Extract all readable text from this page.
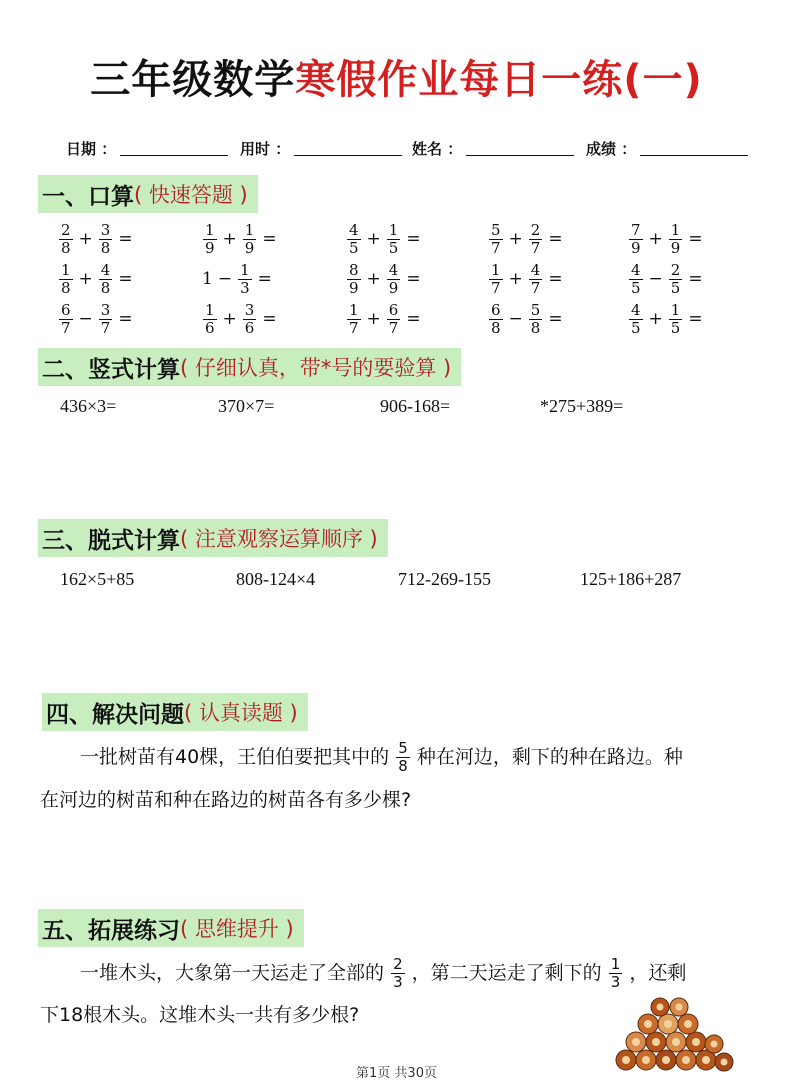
三年级数学寒假作业每日一练(一)
日期 ：	用时 ：	姓名 ：	成绩 ：
一、口算 ( 快速答题 )
$\frac{2}{8} + \frac{3}{8}$ =	$\frac{1}{9} + \frac{1}{9}$ =	$\frac{4}{5} + \frac{1}{5}$ =	$\frac{5}{7} + \frac{2}{7}$ =	$\frac{7}{9} + \frac{1}{9}$ =
$\frac{1}{8} + \frac{4}{8}$ =	$1 - \frac{1}{3}$ =	$\frac{8}{9} + \frac{4}{9}$ =	$\frac{1}{7} + \frac{4}{7}$ =	$\frac{4}{5} - \frac{2}{5}$ =
$\frac{6}{7} - \frac{3}{7}$ =	$\frac{1}{6} + \frac{3}{6}$ =	$\frac{1}{7} + \frac{6}{7}$ =	$\frac{6}{8} - \frac{5}{8}$ =	$\frac{4}{5} + \frac{1}{5}$ =
二、竖式计算 ( 仔细认真，带*号的要验算 )
436×3=	370×7=	906-168=	*275+389=
三、脱式计算 ( 注意观察运算顺序 )
162×5+85	808-124×4	712-269-155	125+186+287
四、解决问题 ( 认真读题 )
一批树苗有40棵，王伯伯要把其中的 $\frac{5}{8}$ 种在河边，剩下的种在路边。种
在河边的树苗和种在路边的树苗各有多少棵?
五、拓展练习 ( 思维提升 )
一堆木头，大象第一天运走了全部的 $\frac{2}{3}$ ，第二天运走了剩下的 $\frac{1}{3}$ ，还剩
下18根木头。这堆木头一共有多少根?
第1页 共30页
